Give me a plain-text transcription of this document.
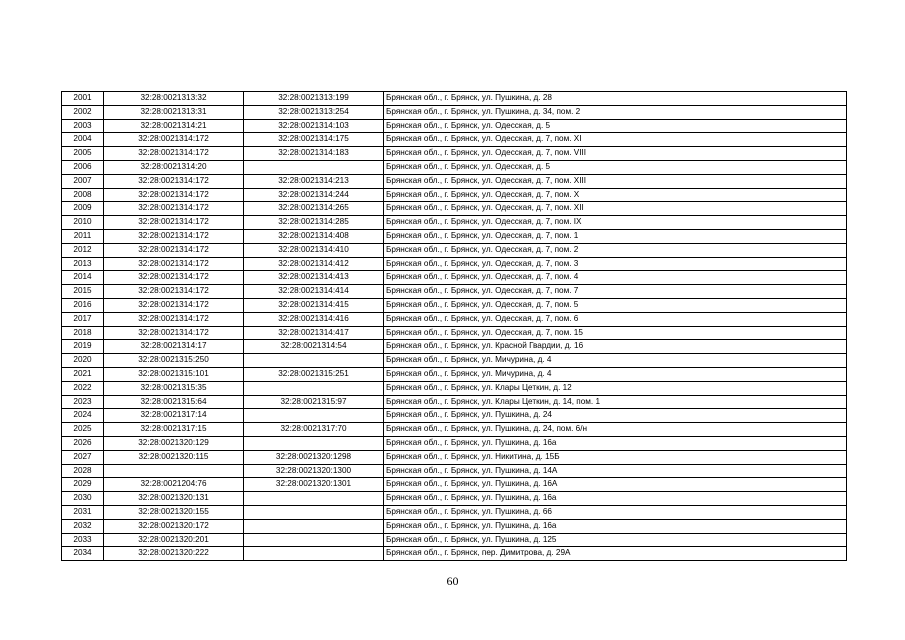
2001	32:28:0021313:32	32:28:0021313:199	Брянская обл., г. Брянск, ул. Пушкина, д. 28
2002	32:28:0021313:31	32:28:0021313:254	Брянская обл., г. Брянск, ул. Пушкина, д. 34, пом. 2
2003	32:28:0021314:21	32:28:0021314:103	Брянская обл., г. Брянск, ул. Одесская, д. 5
2004	32:28:0021314:172	32:28:0021314:175	Брянская обл., г. Брянск, ул. Одесская, д. 7, пом. XI
2005	32:28:0021314:172	32:28:0021314:183	Брянская обл., г. Брянск, ул. Одесская, д. 7, пом. VIII
2006	32:28:0021314:20		Брянская обл., г. Брянск, ул. Одесская, д. 5
2007	32:28:0021314:172	32:28:0021314:213	Брянская обл., г. Брянск, ул. Одесская, д. 7, пом. XIII
2008	32:28:0021314:172	32:28:0021314:244	Брянская обл., г. Брянск, ул. Одесская, д. 7, пом. X
2009	32:28:0021314:172	32:28:0021314:265	Брянская обл., г. Брянск, ул. Одесская, д. 7, пом. XII
2010	32:28:0021314:172	32:28:0021314:285	Брянская обл., г. Брянск, ул. Одесская, д. 7, пом. IX
2011	32:28:0021314:172	32:28:0021314:408	Брянская обл., г. Брянск, ул. Одесская, д. 7, пом. 1
2012	32:28:0021314:172	32:28:0021314:410	Брянская обл., г. Брянск, ул. Одесская, д. 7, пом. 2
2013	32:28:0021314:172	32:28:0021314:412	Брянская обл., г. Брянск, ул. Одесская, д. 7, пом. 3
2014	32:28:0021314:172	32:28:0021314:413	Брянская обл., г. Брянск, ул. Одесская, д. 7, пом. 4
2015	32:28:0021314:172	32:28:0021314:414	Брянская обл., г. Брянск, ул. Одесская, д. 7, пом. 7
2016	32:28:0021314:172	32:28:0021314:415	Брянская обл., г. Брянск, ул. Одесская, д. 7, пом. 5
2017	32:28:0021314:172	32:28:0021314:416	Брянская обл., г. Брянск, ул. Одесская, д. 7, пом. 6
2018	32:28:0021314:172	32:28:0021314:417	Брянская обл., г. Брянск, ул. Одесская, д. 7, пом. 15
2019	32:28:0021314:17	32:28:0021314:54	Брянская обл., г. Брянск, ул. Красной Гвардии, д. 16
2020	32:28:0021315:250		Брянская обл., г. Брянск, ул. Мичурина, д. 4
2021	32:28:0021315:101	32:28:0021315:251	Брянская обл., г. Брянск, ул. Мичурина, д. 4
2022	32:28:0021315:35		Брянская обл., г. Брянск, ул. Клары Цеткин, д. 12
2023	32:28:0021315:64	32:28:0021315:97	Брянская обл., г. Брянск, ул. Клары Цеткин, д. 14, пом. 1
2024	32:28:0021317:14		Брянская обл., г. Брянск, ул. Пушкина, д. 24
2025	32:28:0021317:15	32:28:0021317:70	Брянская обл., г. Брянск, ул. Пушкина, д. 24, пом. 6/н
2026	32:28:0021320:129		Брянская обл., г. Брянск, ул. Пушкина, д. 16а
2027	32:28:0021320:115	32:28:0021320:1298	Брянская обл., г. Брянск, ул. Никитина, д. 15Б
2028		32:28:0021320:1300	Брянская обл., г. Брянск, ул. Пушкина, д. 14А
2029	32:28:0021204:76	32:28:0021320:1301	Брянская обл., г. Брянск, ул. Пушкина, д. 16А
2030	32:28:0021320:131		Брянская обл., г. Брянск, ул. Пушкина, д. 16а
2031	32:28:0021320:155		Брянская обл., г. Брянск, ул. Пушкина, д. 66
2032	32:28:0021320:172		Брянская обл., г. Брянск, ул. Пушкина, д. 16а
2033	32:28:0021320:201		Брянская обл., г. Брянск, ул. Пушкина, д. 125
2034	32:28:0021320:222		Брянская обл., г. Брянск, пер. Димитрова, д. 29А
60
